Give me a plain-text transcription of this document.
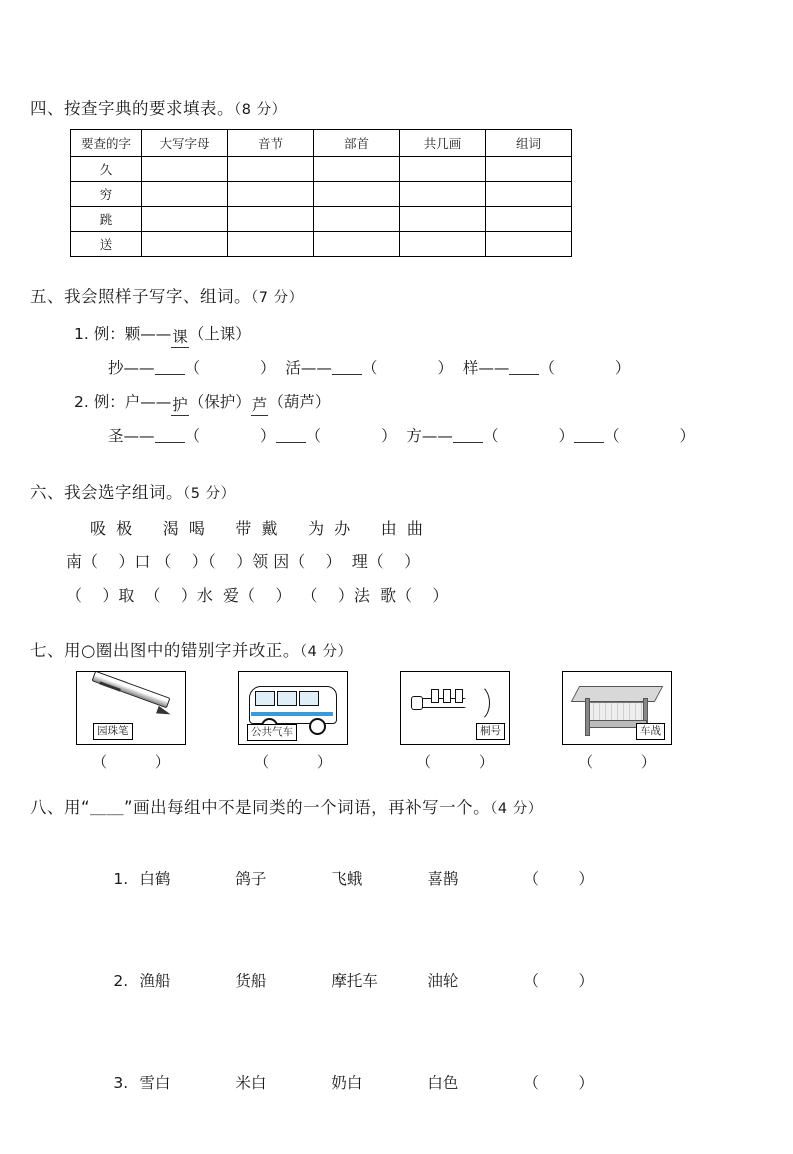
四、按查字典的要求填表。（8 分）
要查的字	大写字母	音节	部首	共几画	组词
久					
穷					
跳					
送					
五、我会照样子写字、组词。（7 分）
1. 例：颗——课（上课）
抄—— （	） 活—— （	） 样—— （	）
2. 例：户——护（保护）芦（葫芦）
圣—— （	） （	）  方—— （	） （	）
六、我会选字组词。（5 分）
吸  极      渴  喝      带  戴      为  办      由  曲
南（    ）口 （    ）（    ）领 因（    ）  理（    ）
（    ）取  （    ）水  爱（    ）  （    ）法  歌（    ）
七、用○圈出图中的错别字并改正。（4 分）
园珠笔
（          ）
公共气车
（          ）
桐号
（          ）
车战
（          ）
八、用“＿＿”画出每组中不是同类的一个词语，再补写一个。（4 分）

1. 白鹤	鸽子	飞蛾	喜鹊	（        ）

2. 渔船	货船	摩托车	油轮	（        ）

3. 雪白	米白	奶白	白色	（        ）
